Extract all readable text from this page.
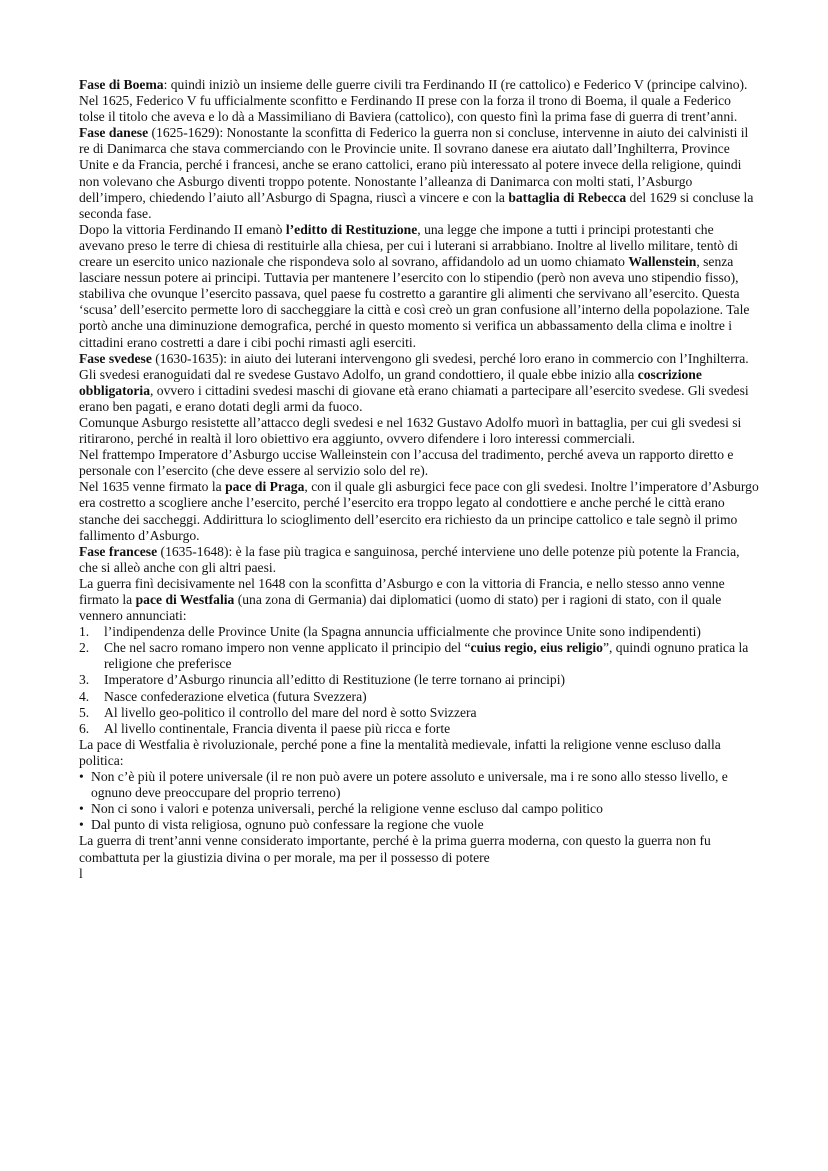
Fase di Boema: quindi iniziò un insieme delle guerre civili tra Ferdinando II (re cattolico) e Federico V (principe calvino). Nel 1625, Federico V fu ufficialmente sconfitto e Ferdinando II prese con la forza il trono di Boema, il quale a Federico tolse il titolo che aveva e lo dà a Massimiliano di Baviera (cattolico), con questo finì la prima fase di guerra di trent’anni.

Fase danese (1625-1629): Nonostante la sconfitta di Federico la guerra non si concluse, intervenne in aiuto dei calvinisti il re di Danimarca che stava commerciando con le Provincie unite. Il sovrano danese era aiutato dall’Inghilterra, Province Unite e da Francia, perché i francesi, anche se erano cattolici, erano più interessato al potere invece della religione, quindi non volevano che Asburgo diventi troppo potente. Nonostante l’alleanza di Danimarca con molti stati, l’Asburgo dell’impero, chiedendo l’aiuto all’Asburgo di Spagna, riuscì a vincere e con la battaglia di Rebecca del 1629 si concluse la seconda fase.

Dopo la vittoria Ferdinando II emanò l’editto di Restituzione, una legge che impone a tutti i principi protestanti che avevano preso le terre di chiesa di restituirle alla chiesa, per cui i luterani si arrabbiano. Inoltre al livello militare, tentò di creare un esercito unico nazionale che rispondeva solo al sovrano, affidandolo ad un uomo chiamato Wallenstein, senza lasciare nessun potere ai principi. Tuttavia per mantenere l’esercito con lo stipendio (però non aveva uno stipendio fisso), stabiliva che ovunque l’esercito passava, quel paese fu costretto a garantire gli alimenti che servivano all’esercito. Questa ‘scusa’ dell’esercito permette loro di saccheggiare la città e così creò un gran confusione all’interno della popolazione. Tale portò anche una diminuzione demografica, perché in questo momento si verifica un abbassamento della clima e inoltre i cittadini erano costretti a dare i cibi pochi rimasti agli eserciti.

Fase svedese (1630-1635): in aiuto dei luterani intervengono gli svedesi, perché loro erano in commercio con l’Inghilterra. Gli svedesi eranoguidati dal re svedese Gustavo Adolfo, un grand condottiero, il quale ebbe inizio alla coscrizione obbligatoria, ovvero i cittadini svedesi maschi di giovane età erano chiamati a partecipare all’esercito svedese. Gli svedesi erano ben pagati, e erano dotati degli armi da fuoco.

Comunque Asburgo resistette all’attacco degli svedesi e nel 1632 Gustavo Adolfo muorì in battaglia, per cui gli svedesi si ritirarono, perché in realtà il loro obiettivo era aggiunto, ovvero difendere i loro interessi commerciali.

Nel frattempo Imperatore d’Asburgo uccise Walleinstein con l’accusa del tradimento, perché aveva un rapporto diretto e personale con l’esercito (che deve essere al servizio solo del re).

Nel 1635 venne firmato la pace di Praga, con il quale gli asburgici fece pace con gli svedesi. Inoltre l’imperatore d’Asburgo era costretto a scogliere anche l’esercito, perché l’esercito era troppo legato al condottiere e anche perché le città erano stanche dei saccheggi. Addirittura lo scioglimento dell’esercito era richiesto da un principe cattolico e tale segnò il primo fallimento d’Asburgo.

Fase francese (1635-1648): è la fase più tragica e sanguinosa, perché interviene uno delle potenze più potente la Francia, che si alleò anche con gli altri paesi.

La guerra finì decisivamente nel 1648 con la sconfitta d’Asburgo e con la vittoria di Francia, e nello stesso anno venne firmato la pace di Westfalia (una zona di Germania) dai diplomatici (uomo di stato) per i ragioni di stato, con il quale vennero annunciati:

1. l’indipendenza delle Province Unite (la Spagna annuncia ufficialmente che province Unite sono indipendenti)
2. Che nel sacro romano impero non venne applicato il principio del “cuius regio, eius religio”, quindi ognuno pratica la religione che preferisce
3. Imperatore d’Asburgo rinuncia all’editto di Restituzione (le terre tornano ai principi)
4. Nasce confederazione elvetica (futura Svezzera)
5. Al livello geo-politico il controllo del mare del nord è sotto Svizzera
6. Al livello continentale, Francia diventa il paese più ricca e forte

La pace di Westfalia è rivoluzionale, perché pone a fine la mentalità medievale, infatti la religione venne escluso dalla politica:

• Non c’è più il potere universale (il re non può avere un potere assoluto e universale, ma i re sono allo stesso livello, e ognuno deve preoccupare del proprio terreno)
• Non ci sono i valori e potenza universali, perché la religione venne escluso dal campo politico
• Dal punto di vista religiosa, ognuno può confessare la regione che vuole

La guerra di trent’anni venne considerato importante, perché è la prima guerra moderna, con questo la guerra non fu combattuta per la giustizia divina o per morale, ma per il possesso di potere

l
